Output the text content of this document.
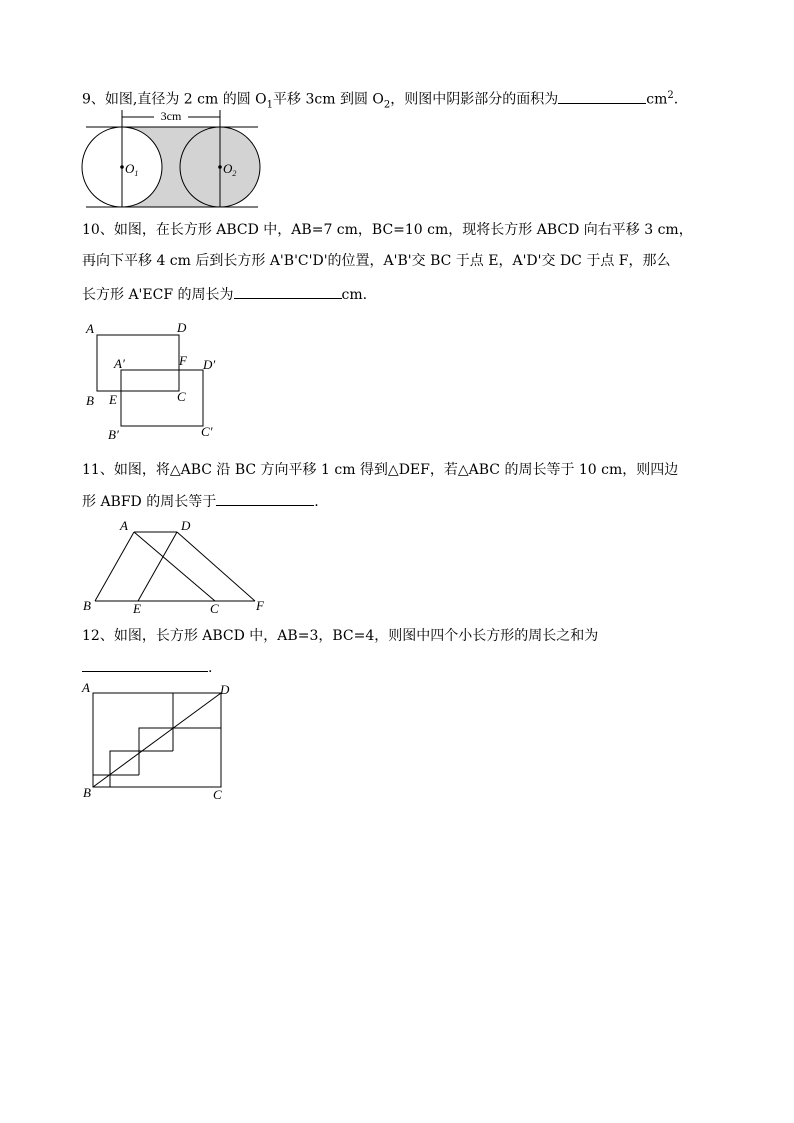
9、如图,直径为 2 cm 的圆 $O_1$平移 3cm 到圆 $O_2$，则图中阴影部分的面积为	$cm^2$.
3cm
$O_1$	$O_2$
10、如图，在长方形 ABCD 中，AB=7 cm，BC=10 cm，现将长方形 ABCD 向右平移 3 cm，
再向下平移 4 cm 后到长方形 A'B'C'D'的位置，A'B'交 BC 于点 E，A'D'交 DC 于点 F，那么
长方形 A'ECF 的周长为	cm.
A	D
B	C
A′	F D′
E
B′	C′
11、如图，将△ABC 沿 BC 方向平移 1 cm 得到△DEF，若△ABC 的周长等于 10 cm，则四边
形 ABFD 的周长等于	.
A	D
B	E	C	F
12、如图，长方形 ABCD 中，AB=3，BC=4，则图中四个小长方形的周长之和为
.
A	D
B	C
